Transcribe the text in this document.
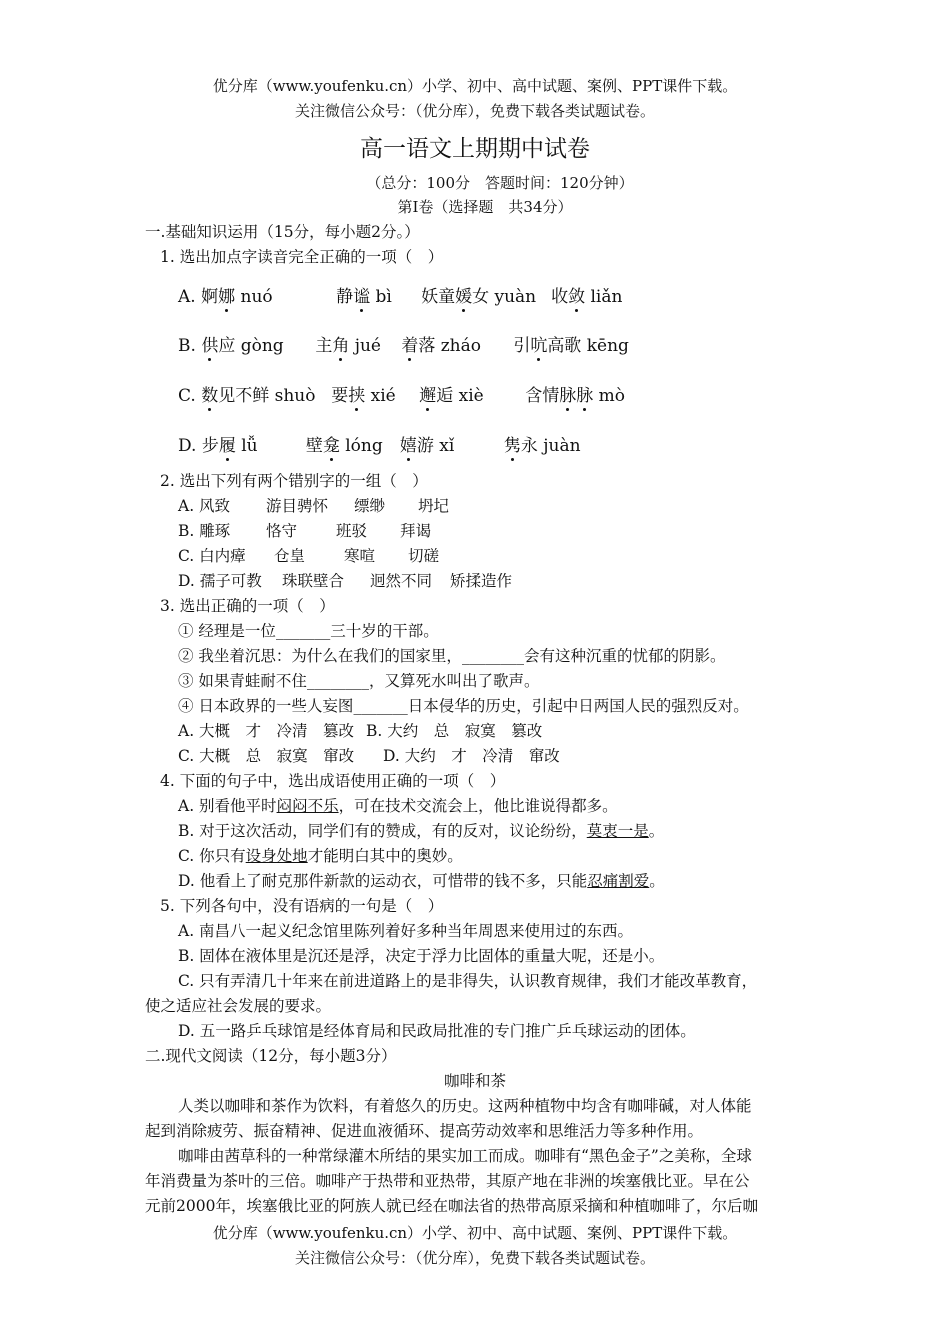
优分库（www.youfenku.cn）小学、初中、高中试题、案例、PPT课件下载。
关注微信公众号：（优分库），免费下载各类试题试卷。
高一语文上期期中试卷
（总分：100分　答题时间：120分钟）
第Ⅰ卷（选择题　共34分）
一.基础知识运用（15分，每小题2分。）
1. 选出加点字读音完全正确的一项（　）
A. 婀娜 nuó	静谧 bì 妖童媛女 yuàn 收敛 liǎn
B. 供应 gòng 主角 jué 着落 zháo 引吭高歌 kēng
C. 数见不鲜 shuò 要挟 xié 邂逅 xiè 含情脉脉 mò
D. 步履 lǚ	壁龛 lóng 嬉游 xǐ	隽永 juàn
2. 选出下列有两个错别字的一组（　）
A. 风致 游目骋怀 缥缈 坍圮
B. 雕琢 恪守	班驳 拜谒
C. 白内瘴 仓皇	寒喧 切磋
D. 孺子可教 珠联壁合 迥然不同 矫揉造作
3. 选出正确的一项（　）
① 经理是一位_______三十岁的干部。
② 我坐着沉思：为什么在我们的国家里，________会有这种沉重的忧郁的阴影。
③ 如果青蛙耐不住________，又算死水叫出了歌声。
④ 日本政界的一些人妄图_______日本侵华的历史，引起中日两国人民的强烈反对。
A. 大概　才　冷清　篡改 B. 大约　总　寂寞　篡改
C. 大概　总　寂寞　窜改 D. 大约　才　冷清　窜改
4. 下面的句子中，选出成语使用正确的一项（　）
A. 别看他平时闷闷不乐，可在技术交流会上，他比谁说得都多。
B. 对于这次活动，同学们有的赞成，有的反对，议论纷纷，莫衷一是。
C. 你只有设身处地才能明白其中的奥妙。
D. 他看上了耐克那件新款的运动衣，可惜带的钱不多，只能忍痛割爱。
5. 下列各句中，没有语病的一句是（　）
A. 南昌八一起义纪念馆里陈列着好多种当年周恩来使用过的东西。
B. 固体在液体里是沉还是浮，决定于浮力比固体的重量大呢，还是小。
C. 只有弄清几十年来在前进道路上的是非得失，认识教育规律，我们才能改革教育，
使之适应社会发展的要求。
D. 五一路乒乓球馆是经体育局和民政局批准的专门推广乒乓球运动的团体。
二.现代文阅读（12分，每小题3分）
咖啡和茶
人类以咖啡和茶作为饮料，有着悠久的历史。这两种植物中均含有咖啡碱，对人体能
起到消除疲劳、振奋精神、促进血液循环、提高劳动效率和思维活力等多种作用。
咖啡由茜草科的一种常绿灌木所结的果实加工而成。咖啡有“黑色金子”之美称，全球
年消费量为茶叶的三倍。咖啡产于热带和亚热带，其原产地在非洲的埃塞俄比亚。早在公
元前2000年，埃塞俄比亚的阿族人就已经在咖法省的热带高原采摘和种植咖啡了，尔后咖
优分库（www.youfenku.cn）小学、初中、高中试题、案例、PPT课件下载。
关注微信公众号：（优分库），免费下载各类试题试卷。
